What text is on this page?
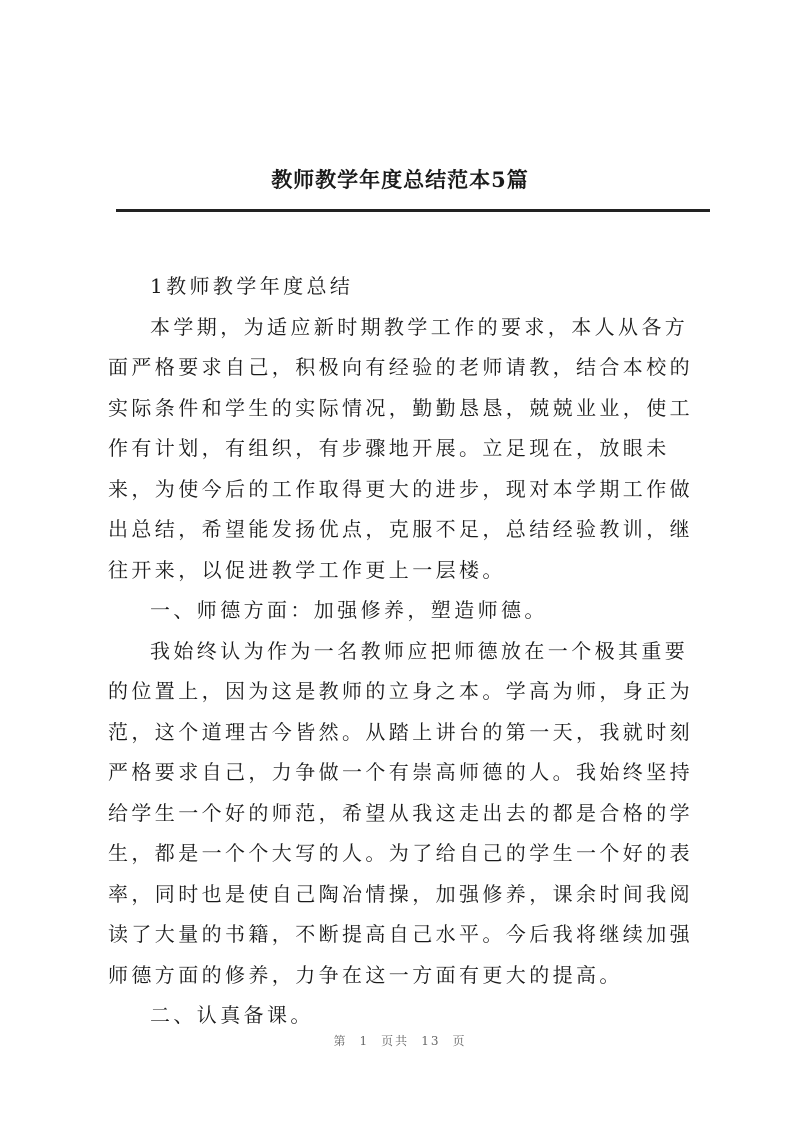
教师教学年度总结范本5篇

1教师教学年度总结

本学期，为适应新时期教学工作的要求，本人从各方面严格要求自己，积极向有经验的老师请教，结合本校的实际条件和学生的实际情况，勤勤恳恳，兢兢业业，使工作有计划，有组织，有步骤地开展。立足现在，放眼未来，为使今后的工作取得更大的进步，现对本学期工作做出总结，希望能发扬优点，克服不足，总结经验教训，继往开来，以促进教学工作更上一层楼。

一、师德方面：加强修养，塑造师德。

我始终认为作为一名教师应把师德放在一个极其重要的位置上，因为这是教师的立身之本。学高为师，身正为范，这个道理古今皆然。从踏上讲台的第一天，我就时刻严格要求自己，力争做一个有崇高师德的人。我始终坚持给学生一个好的师范，希望从我这走出去的都是合格的学生，都是一个个大写的人。为了给自己的学生一个好的表率，同时也是使自己陶冶情操，加强修养，课余时间我阅读了大量的书籍，不断提高自己水平。今后我将继续加强师德方面的修养，力争在这一方面有更大的提高。

二、认真备课。

第 1 页共 13 页
